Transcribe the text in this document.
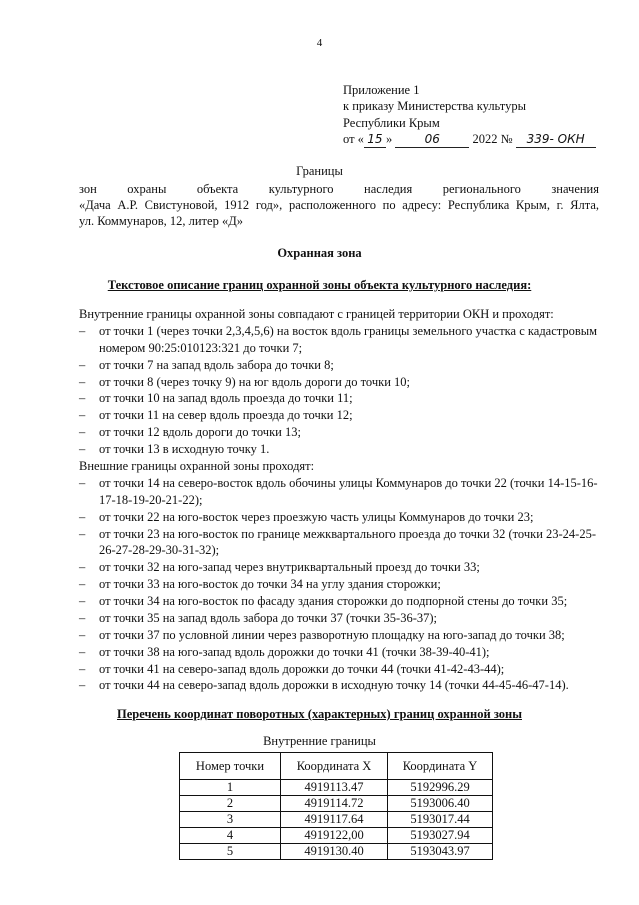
4
Приложение 1
к приказу Министерства культуры
Республики Крым
от « 15 »	06	2022 № 339- ОКН
Границы
зон охраны объекта культурного наследия регионального значения
«Дача А.Р. Свистуновой, 1912 год», расположенного по адресу: Республика Крым, г. Ялта,
ул. Коммунаров, 12, литер «Д»
Охранная зона
Текстовое описание границ охранной зоны объекта культурного наследия:

Внутренние границы охранной зоны совпадают с границей территории ОКН и проходят:

– от точки 1 (через точки 2,3,4,5,6) на восток вдоль границы земельного участка с кадастровым номером 90:25:010123:321 до точки 7;
– от точки 7 на запад вдоль забора до точки 8;
– от точки 8 (через точку 9) на юг вдоль дороги до точки 10;
– от точки 10 на запад вдоль проезда до точки 11;
– от точки 11 на север вдоль проезда до точки 12;
– от точки 12 вдоль дороги до точки 13;
– от точки 13 в исходную точку 1.

Внешние границы охранной зоны проходят:

– от точки 14 на северо-восток вдоль обочины улицы Коммунаров до точки 22 (точки 14-15-16-17-18-19-20-21-22);
– от точки 22 на юго-восток через проезжую часть улицы Коммунаров до точки 23;
– от точки 23 на юго-восток по границе межквартального проезда до точки 32 (точки 23-24-25-26-27-28-29-30-31-32);
– от точки 32 на юго-запад через внутриквартальный проезд до точки 33;
– от точки 33 на юго-восток до точки 34 на углу здания сторожки;
– от точки 34 на юго-восток по фасаду здания сторожки до подпорной стены до точки 35;
– от точки 35 на запад вдоль забора до точки 37 (точки 35-36-37);
– от точки 37 по условной линии через разворотную площадку на юго-запад до точки 38;
– от точки 38 на юго-запад вдоль дорожки до точки 41 (точки 38-39-40-41);
– от точки 41 на северо-запад вдоль дорожки до точки 44 (точки 41-42-43-44);
– от точки 44 на северо-запад вдоль дорожки в исходную точку 14 (точки 44-45-46-47-14).
Перечень координат поворотных (характерных) границ охранной зоны
Внутренние границы
Номер точки	Координата X	Координата Y
1	4919113.47	5192996.29
2	4919114.72	5193006.40
3	4919117.64	5193017.44
4	4919122,00	5193027.94
5	4919130.40	5193043.97
